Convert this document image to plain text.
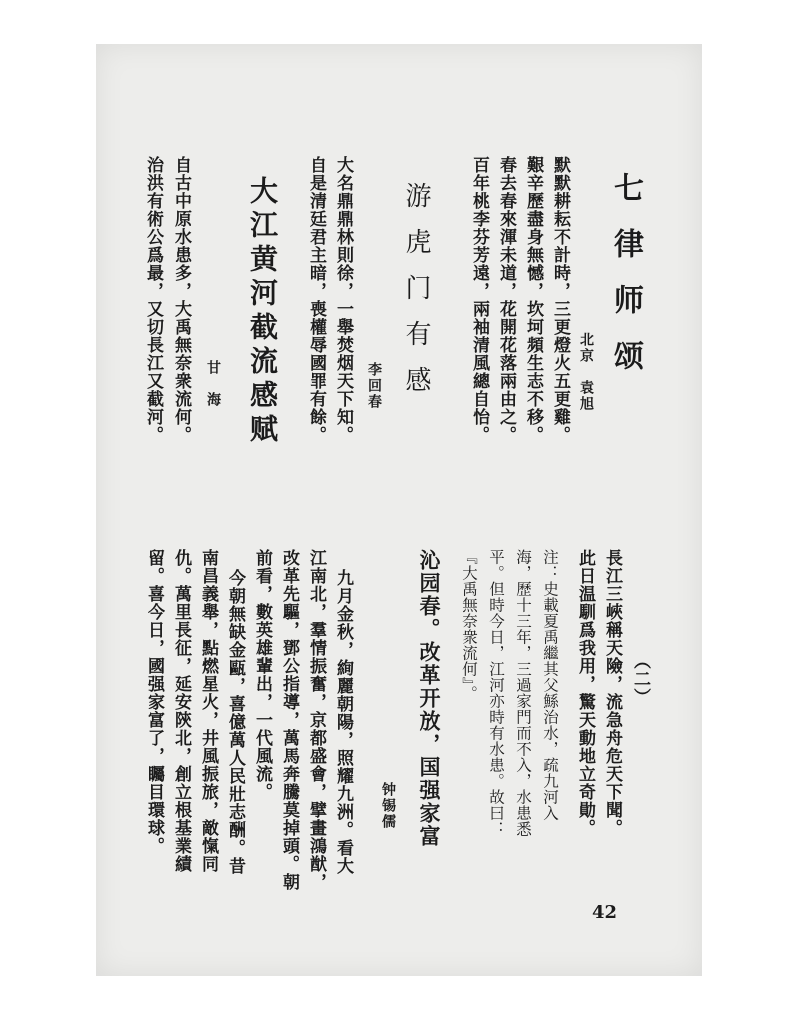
七律师颂
北京　袁旭
默默耕耘不計時，三更燈火五更雞。
艱辛歷盡身無憾，坎坷頻生志不移。
春去春來渾未道，花開花落兩由之。
百年桃李芬芳遠，兩袖清風總自怡。
游虎门有感
李回春
大名鼎鼎林則徐，一舉焚烟天下知。
自是清廷君主暗，喪權辱國罪有餘。
大江黄河截流感赋
甘　海
自古中原水患多，大禹無奈衆流何。
治洪有術公爲最，又切長江又截河。
（二）
長江三峽稱天險，流急舟危天下聞。
此日温馴爲我用，驚天動地立奇勛。
注：史載夏禹繼其父鯀治水，疏九河入
海，歷十三年，三過家門而不入，水患悉
平。但時今日，江河亦時有水患。故曰：
『大禹無奈衆流何』。
沁园春。改革开放，国强家富
钟锡儒
九月金秋，絢麗朝陽，照耀九洲。看大
江南北，羣情振奮，京都盛會，擘畫鴻猷，
改革先驅，鄧公指導，萬馬奔騰莫掉頭。朝
前看，數英雄輩出，一代風流。
今朝無缺金甌，喜億萬人民壯志酬。昔
南昌義舉，點燃星火，井風振旅，敵愾同
仇。萬里長征，延安陝北，創立根基業績
留。喜今日，國强家富了，矚目環球。
42
